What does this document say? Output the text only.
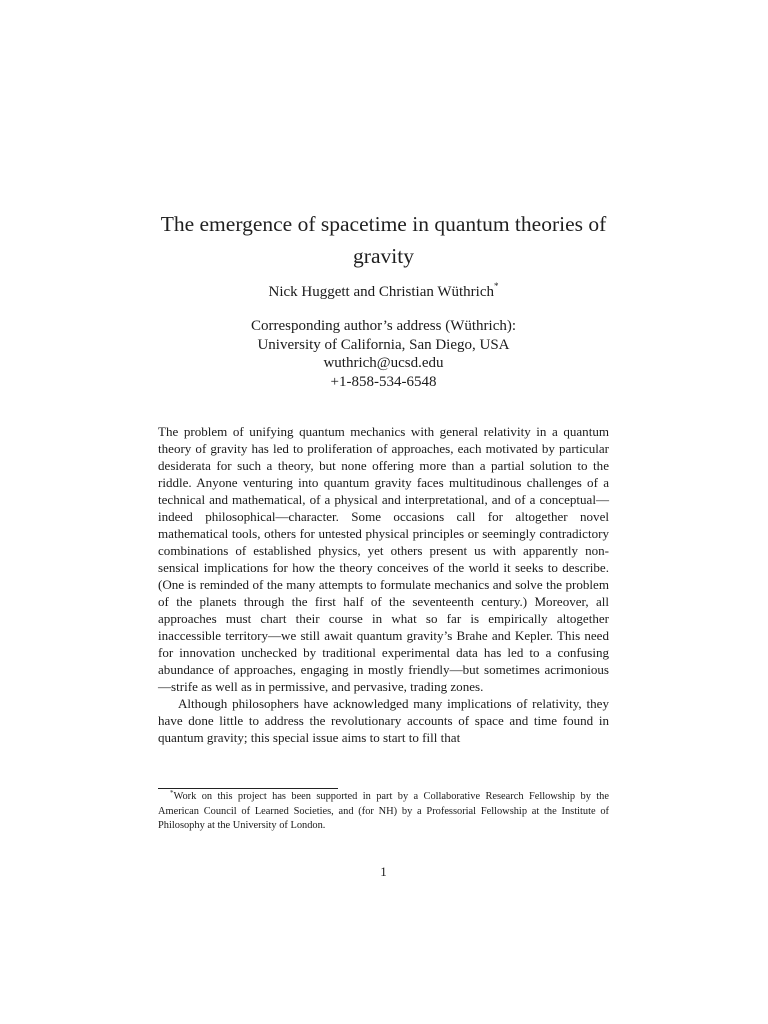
The emergence of spacetime in quantum theories of gravity
Nick Huggett and Christian Wüthrich*
Corresponding author’s address (Wüthrich):
University of California, San Diego, USA
wuthrich@ucsd.edu
+1-858-534-6548

The problem of unifying quantum mechanics with general relativity in a quantum theory of gravity has led to proliferation of approaches, each motivated by particular desiderata for such a theory, but none offering more than a partial solution to the riddle. Anyone venturing into quantum gravity faces multitudinous challenges of a technical and mathematical, of a physical and interpretational, and of a conceptual—indeed philosophical—character. Some occasions call for altogether novel mathematical tools, others for untested physical principles or seemingly contradictory combinations of established physics, yet others present us with apparently non-sensical implications for how the theory conceives of the world it seeks to describe. (One is reminded of the many attempts to formulate mechanics and solve the problem of the planets through the first half of the seventeenth century.) Moreover, all approaches must chart their course in what so far is empirically altogether inaccessible territory—we still await quantum gravity’s Brahe and Kepler. This need for innovation unchecked by traditional experimental data has led to a confusing abundance of approaches, engaging in mostly friendly—but sometimes acrimonious—strife as well as in permissive, and pervasive, trading zones.

Although philosophers have acknowledged many implications of relativity, they have done little to address the revolutionary accounts of space and time found in quantum gravity; this special issue aims to start to fill that

*Work on this project has been supported in part by a Collaborative Research Fellowship by the American Council of Learned Societies, and (for NH) by a Professorial Fellowship at the Institute of Philosophy at the University of London.
1
